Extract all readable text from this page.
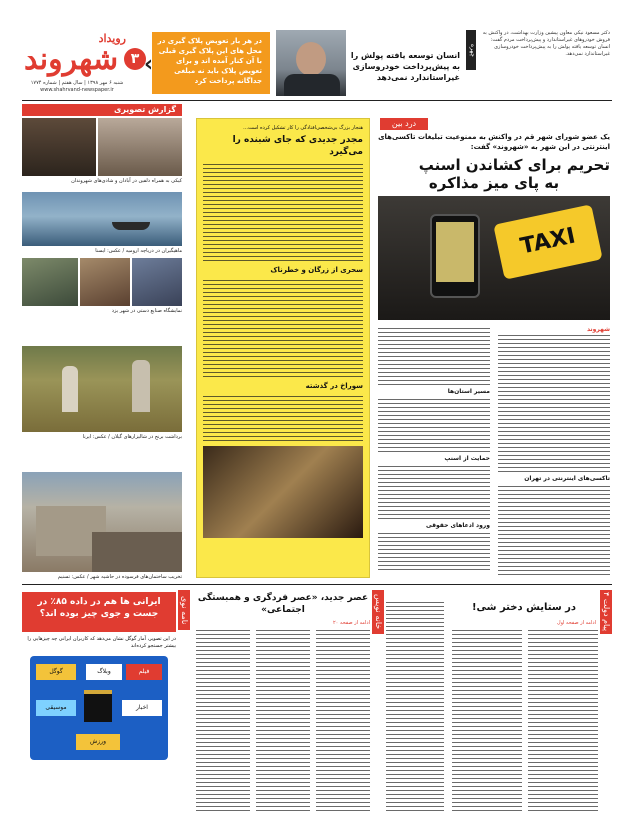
رویداد
شهروند
شنبه ۶ مهر ۱۳۹۸ | سال هفتم | شماره ۱۷۷۴
www.shahrvand-newspaper.ir
۳
در هر بار تعویض پلاک گیری در محل های این پلاک گیری قبلی با آن کنار آمده اند و برای تعویض پلاک باید نه مبلغی جداگانه پرداخت کرد
‹	انسان توسعه یافته پولش را به پیش‌پرداخت خودروسازی غیراستاندارد نمی‌دهد
چهره
دکتر مسعود نیکی معاون پیشین وزارت بهداشت، در واکنش به فروش خودروهای غیراستاندارد و پیش‌پرداخت مردم گفت: انسان توسعه یافته پولش را به پیش‌پرداخت خودروسازی غیراستاندارد نمی‌دهد.
گزارش تصویری
کیکی به همراه دلفین در آبادان و شادی‌های شهروندان
ماهیگیران در دریاچه ارومیه / عکس: ایسنا
نمایشگاه صنایع دستی در شهر یزد
برداشت برنج در شالیزارهای گیلان / عکس: ایرنا
تخریب ساختمان‌های فرسوده در حاشیه شهر / عکس: تسنیم
هنجار بزرگ بی‌شخصی‌افتادگی را کار تشکیل کرده است...
مجدر جدیدی که جای شبنده را می‌گیرد
سحری از زرگان و خطرناک
سوراخ در گذشته
درد بین
یک عضو شورای شهر قم در واکنش به ممنوعیت تبلیغات تاکسی‌های اینترنتی در این شهر به «شهروند» گفت:
تحریم برای کشاندن اسنپ
به پای میز مذاکره
TAXI
مسیر استان‌ها
حمایت از اسنپ
ورود ادعاهای حقوقی
شهروند
تاکسی‌های اینترنتی در تهران
نامه نوی
ایرانی ها هم در داده ۸۵٪ در جست و جوی چیز بوده اند؟
در این تصویر، آمار گوگل نشان می‌دهد که کاربران ایرانی چه چیزهایی را بیشتر جستجو کرده‌اند
گوگل	وبلاگ	فیلم
موسیقی	اخبار
ورزش
خانه نویس
عصر جدید، «عصر فردگری و همبستگی اجتماعی»
ادامه از صفحه ۲۰
پیام دولت ۴
در ستایش دختر شی!
ادامه از صفحه اول
